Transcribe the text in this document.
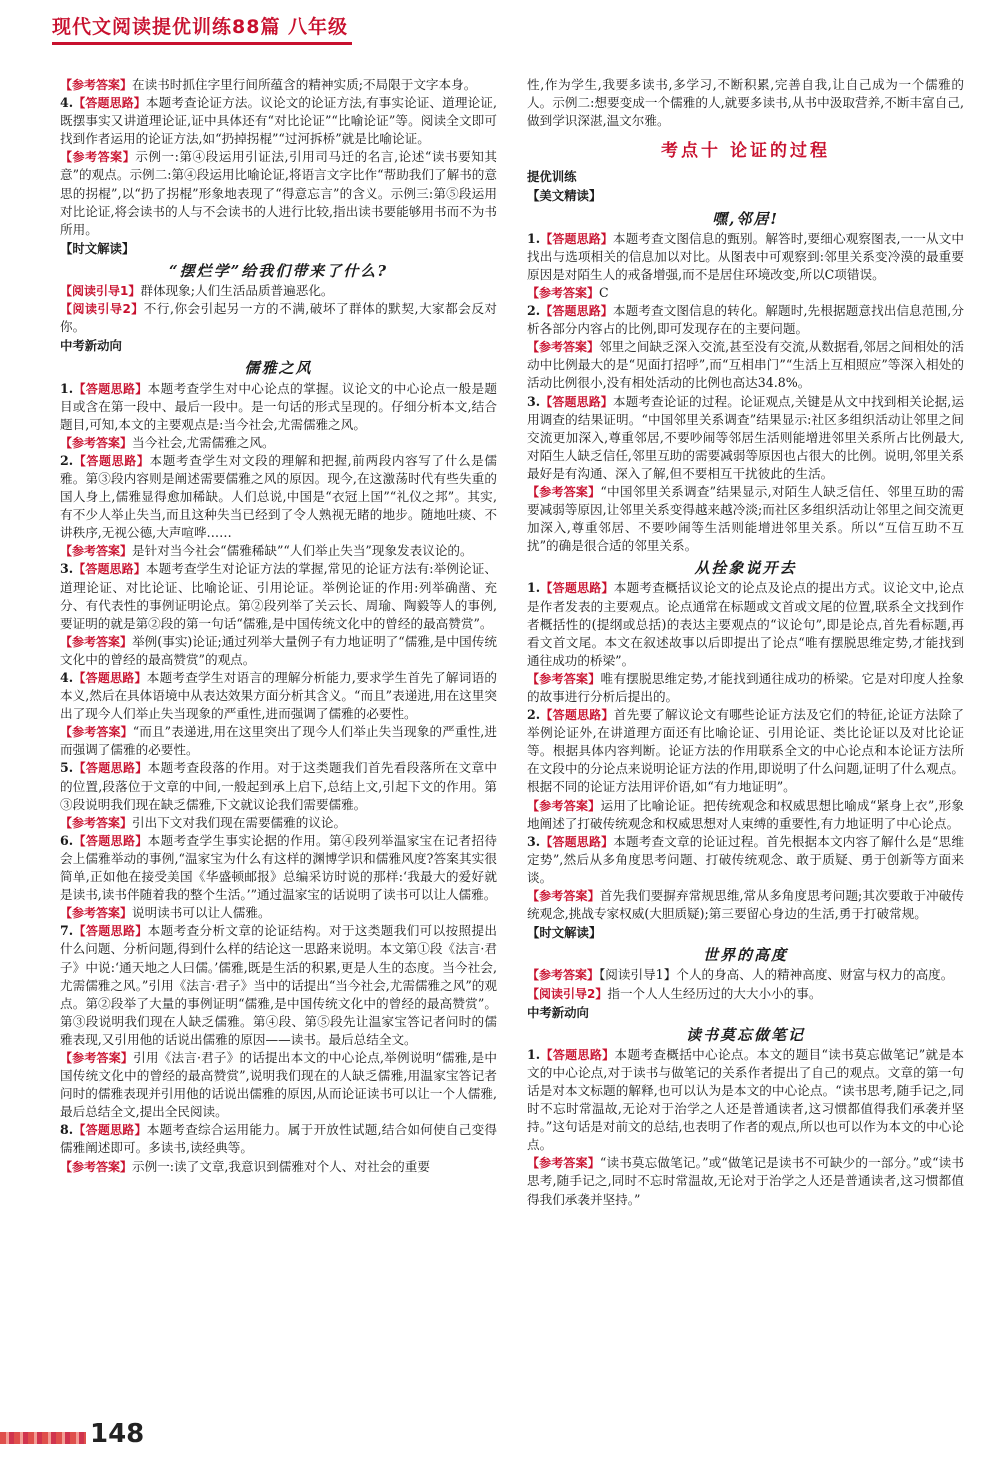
现代文阅读提优训练88篇 八年级
【参考答案】在读书时抓住字里行间所蕴含的精神实质;不局限于文字本身。
4.【答题思路】本题考查论证方法。议论文的论证方法,有事实论证、道理论证,既摆事实又讲道理论证,证中具体还有“对比论证”“比喻论证”等。阅读全文即可找到作者运用的论证方法,如“扔掉拐棍”“过河拆桥”就是比喻论证。
【参考答案】示例一:第④段运用引证法,引用司马迁的名言,论述“读书要知其意”的观点。示例二:第④段运用比喻论证,将语言文字比作“帮助我们了解书的意思的拐棍”,以“扔了拐棍”形象地表现了“得意忘言”的含义。示例三:第⑤段运用对比论证,将会读书的人与不会读书的人进行比较,指出读书要能够用书而不为书所用。
【时文解读】
“摆烂学”给我们带来了什么?
【阅读引导1】群体现象;人们生活品质普遍恶化。
【阅读引导2】不行,你会引起另一方的不满,破坏了群体的默契,大家都会反对你。
中考新动向
儒雅之风
1.【答题思路】本题考查学生对中心论点的掌握。议论文的中心论点一般是题目或含在第一段中、最后一段中。是一句话的形式呈现的。仔细分析本文,结合题目,可知,本文的主要观点是:当今社会,尤需儒雅之风。
【参考答案】当今社会,尤需儒雅之风。
2.【答题思路】本题考查学生对文段的理解和把握,前两段内容写了什么是儒雅。第③段内容则是阐述需要儒雅之风的原因。现今,在这激荡时代有些失重的国人身上,儒雅显得愈加稀缺。人们总说,中国是“衣冠上国”“礼仪之邦”。其实,有不少人举止失当,而且这种失当已经到了令人熟视无睹的地步。随地吐痰、不讲秩序,无视公德,大声喧哗……
【参考答案】是针对当今社会“儒雅稀缺”“人们举止失当”现象发表议论的。
3.【答题思路】本题考查学生对论证方法的掌握,常见的论证方法有:举例论证、道理论证、对比论证、比喻论证、引用论证。举例论证的作用:列举确凿、充分、有代表性的事例证明论点。第②段列举了关云长、周瑜、陶毅等人的事例,要证明的就是第②段的第一句话“儒雅,是中国传统文化中的曾经的最高赞赏”。
【参考答案】举例(事实)论证;通过列举大量例子有力地证明了“儒雅,是中国传统文化中的曾经的最高赞赏”的观点。
4.【答题思路】本题考查学生对语言的理解分析能力,要求学生首先了解词语的本义,然后在具体语境中从表达效果方面分析其含义。“而且”表递进,用在这里突出了现今人们举止失当现象的严重性,进而强调了儒雅的必要性。
【参考答案】“而且”表递进,用在这里突出了现今人们举止失当现象的严重性,进而强调了儒雅的必要性。
5.【答题思路】本题考查段落的作用。对于这类题我们首先看段落所在文章中的位置,段落位于文章的中间,一般起到承上启下,总结上文,引起下文的作用。第③段说明我们现在缺乏儒雅,下文就议论我们需要儒雅。
【参考答案】引出下文对我们现在需要儒雅的议论。
6.【答题思路】本题考查学生事实论据的作用。第④段列举温家宝在记者招待会上儒雅举动的事例,“温家宝为什么有这样的渊博学识和儒雅风度?答案其实很简单,正如他在接受美国《华盛顿邮报》总编采访时说的那样:‘我最大的爱好就是读书,读书伴随着我的整个生活。’”通过温家宝的话说明了读书可以让人儒雅。
【参考答案】说明读书可以让人儒雅。
7.【答题思路】本题考查分析文章的论证结构。对于这类题我们可以按照提出什么问题、分析问题,得到什么样的结论这一思路来说明。本文第①段《法言·君子》中说:‘通天地之人曰儒。’儒雅,既是生活的积累,更是人生的态度。当今社会,尤需儒雅之风。”引用《法言·君子》当中的话提出“当今社会,尤需儒雅之风”的观点。第②段举了大量的事例证明“儒雅,是中国传统文化中的曾经的最高赞赏”。第③段说明我们现在人缺乏儒雅。第④段、第⑤段先让温家宝答记者问时的儒雅表现,又引用他的话说出儒雅的原因——读书。最后总结全文。
【参考答案】引用《法言·君子》的话提出本文的中心论点,举例说明“儒雅,是中国传统文化中的曾经的最高赞赏”,说明我们现在的人缺乏儒雅,用温家宝答记者问时的儒雅表现并引用他的话说出儒雅的原因,从而论证读书可以让一个人儒雅,最后总结全文,提出全民阅读。
8.【答题思路】本题考查综合运用能力。属于开放性试题,结合如何使自己变得儒雅阐述即可。多读书,读经典等。
【参考答案】示例一:读了文章,我意识到儒雅对个人、对社会的重要
性,作为学生,我要多读书,多学习,不断积累,完善自我,让自己成为一个儒雅的人。示例二:想要变成一个儒雅的人,就要多读书,从书中汲取营养,不断丰富自己,做到学识深湛,温文尔雅。
考点十 论证的过程
提优训练
【美文精读】
嘿,邻居!
1.【答题思路】本题考查文图信息的甄别。解答时,要细心观察图表,一一从文中找出与选项相关的信息加以对比。从图表中可观察到:邻里关系变冷漠的最重要原因是对陌生人的戒备增强,而不是居住环境改变,所以C项错误。
【参考答案】C
2.【答题思路】本题考查文图信息的转化。解题时,先根据题意找出信息范围,分析各部分内容占的比例,即可发现存在的主要问题。
【参考答案】邻里之间缺乏深入交流,甚至没有交流,从数据看,邻居之间相处的活动中比例最大的是“见面打招呼”,而“互相串门”“生活上互相照应”等深入相处的活动比例很小,没有相处活动的比例也高达34.8%。
3.【答题思路】本题考查论证的过程。论证观点,关键是从文中找到相关论据,运用调查的结果证明。“中国邻里关系调查”结果显示:社区多组织活动让邻里之间交流更加深入,尊重邻居,不要吵闹等邻居生活则能增进邻里关系所占比例最大,对陌生人缺乏信任,邻里互助的需要减弱等原因也占很大的比例。说明,邻里关系最好是有沟通、深入了解,但不要相互干扰彼此的生活。
【参考答案】“中国邻里关系调查”结果显示,对陌生人缺乏信任、邻里互助的需要减弱等原因,让邻里关系变得越来越冷淡;而社区多组织活动让邻里之间交流更加深入,尊重邻居、不要吵闹等生活则能增进邻里关系。所以“互信互助不互扰”的确是很合适的邻里关系。
从拴象说开去
1.【答题思路】本题考查概括议论文的论点及论点的提出方式。议论文中,论点是作者发表的主要观点。论点通常在标题或文首或文尾的位置,联系全文找到作者概括性的(提纲或总括)的表达主要观点的“议论句”,即是论点,首先看标题,再看文首文尾。本文在叙述故事以后即提出了论点“唯有摆脱思维定势,才能找到通往成功的桥梁”。
【参考答案】唯有摆脱思维定势,才能找到通往成功的桥梁。它是对印度人拴象的故事进行分析后提出的。
2.【答题思路】首先要了解议论文有哪些论证方法及它们的特征,论证方法除了举例论证外,在讲道理方面还有比喻论证、引用论证、类比论证以及对比论证等。根据具体内容判断。论证方法的作用联系全文的中心论点和本论证方法所在文段中的分论点来说明论证方法的作用,即说明了什么问题,证明了什么观点。根据不同的论证方法用评价语,如“有力地证明”。
【参考答案】运用了比喻论证。把传统观念和权威思想比喻成“紧身上衣”,形象地阐述了打破传统观念和权威思想对人束缚的重要性,有力地证明了中心论点。
3.【答题思路】本题考查文章的论证过程。首先根据本文内容了解什么是“思维定势”,然后从多角度思考问题、打破传统观念、敢于质疑、勇于创新等方面来谈。
【参考答案】首先我们要摒弃常规思维,常从多角度思考问题;其次要敢于冲破传统观念,挑战专家权威(大胆质疑);第三要留心身边的生活,勇于打破常规。
【时文解读】
世界的高度
【参考答案】【阅读引导1】个人的身高、人的精神高度、财富与权力的高度。
【阅读引导2】指一个人人生经历过的大大小小的事。
中考新动向
读书莫忘做笔记
1.【答题思路】本题考查概括中心论点。本文的题目“读书莫忘做笔记”就是本文的中心论点,对于读书与做笔记的关系作者提出了自己的观点。文章的第一句话是对本文标题的解释,也可以认为是本文的中心论点。“读书思考,随手记之,同时不忘时常温故,无论对于治学之人还是普通读者,这习惯都值得我们承袭并坚持。”这句话是对前文的总结,也表明了作者的观点,所以也可以作为本文的中心论点。
【参考答案】“读书莫忘做笔记。”或“做笔记是读书不可缺少的一部分。”或“读书思考,随手记之,同时不忘时常温故,无论对于治学之人还是普通读者,这习惯都值得我们承袭并坚持。”
148
